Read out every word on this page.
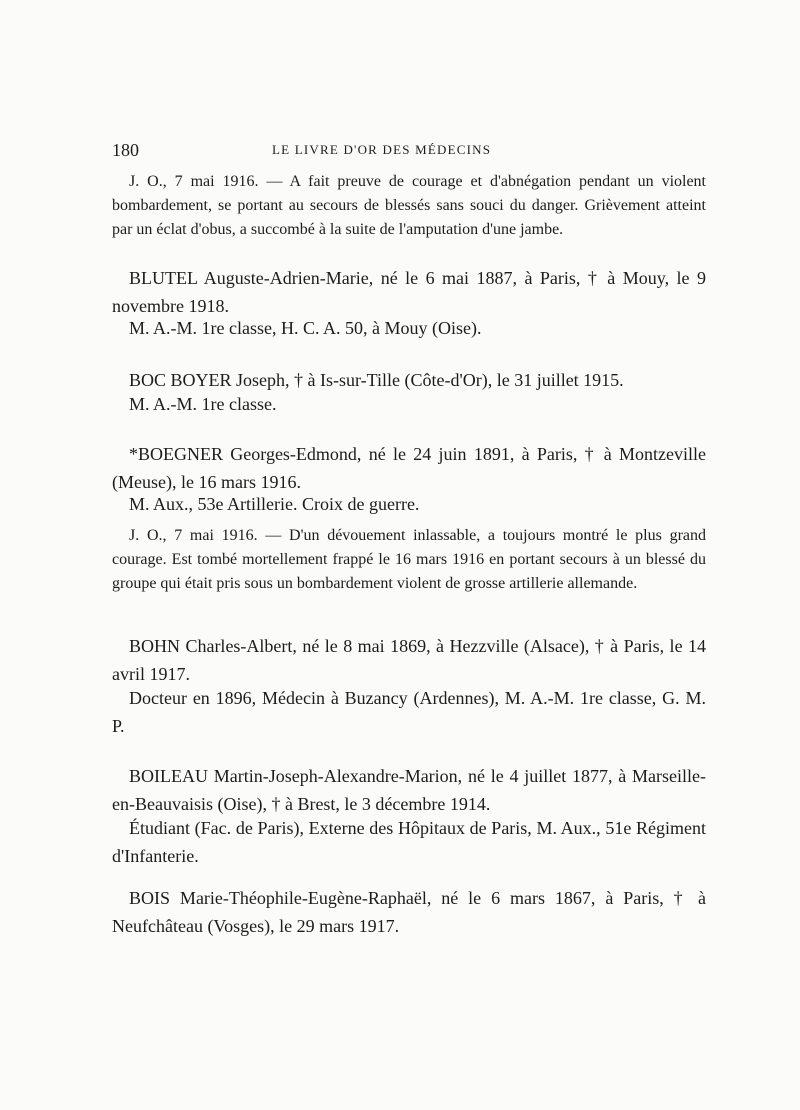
180	LE LIVRE D'OR DES MÉDECINS
J. O., 7 mai 1916. — A fait preuve de courage et d'abnégation pendant un violent bombardement, se portant au secours de blessés sans souci du danger. Grièvement atteint par un éclat d'obus, a succombé à la suite de l'amputation d'une jambe.
BLUTEL Auguste-Adrien-Marie, né le 6 mai 1887, à Paris, † à Mouy, le 9 novembre 1918.
M. A.-M. 1re classe, H. C. A. 50, à Mouy (Oise).
BOC BOYER Joseph, † à Is-sur-Tille (Côte-d'Or), le 31 juillet 1915.
M. A.-M. 1re classe.
*BOEGNER Georges-Edmond, né le 24 juin 1891, à Paris, † à Montzeville (Meuse), le 16 mars 1916.
M. Aux., 53e Artillerie. Croix de guerre.
J. O., 7 mai 1916. — D'un dévouement inlassable, a toujours montré le plus grand courage. Est tombé mortellement frappé le 16 mars 1916 en portant secours à un blessé du groupe qui était pris sous un bombardement violent de grosse artillerie allemande.
BOHN Charles-Albert, né le 8 mai 1869, à Hezzville (Alsace), † à Paris, le 14 avril 1917.
Docteur en 1896, Médecin à Buzancy (Ardennes), M. A.-M. 1re classe, G. M. P.
BOILEAU Martin-Joseph-Alexandre-Marion, né le 4 juillet 1877, à Marseille-en-Beauvaisis (Oise), † à Brest, le 3 décembre 1914.
Étudiant (Fac. de Paris), Externe des Hôpitaux de Paris, M. Aux., 51e Régiment d'Infanterie.
BOIS Marie-Théophile-Eugène-Raphaël, né le 6 mars 1867, à Paris, † à Neufchâteau (Vosges), le 29 mars 1917.
